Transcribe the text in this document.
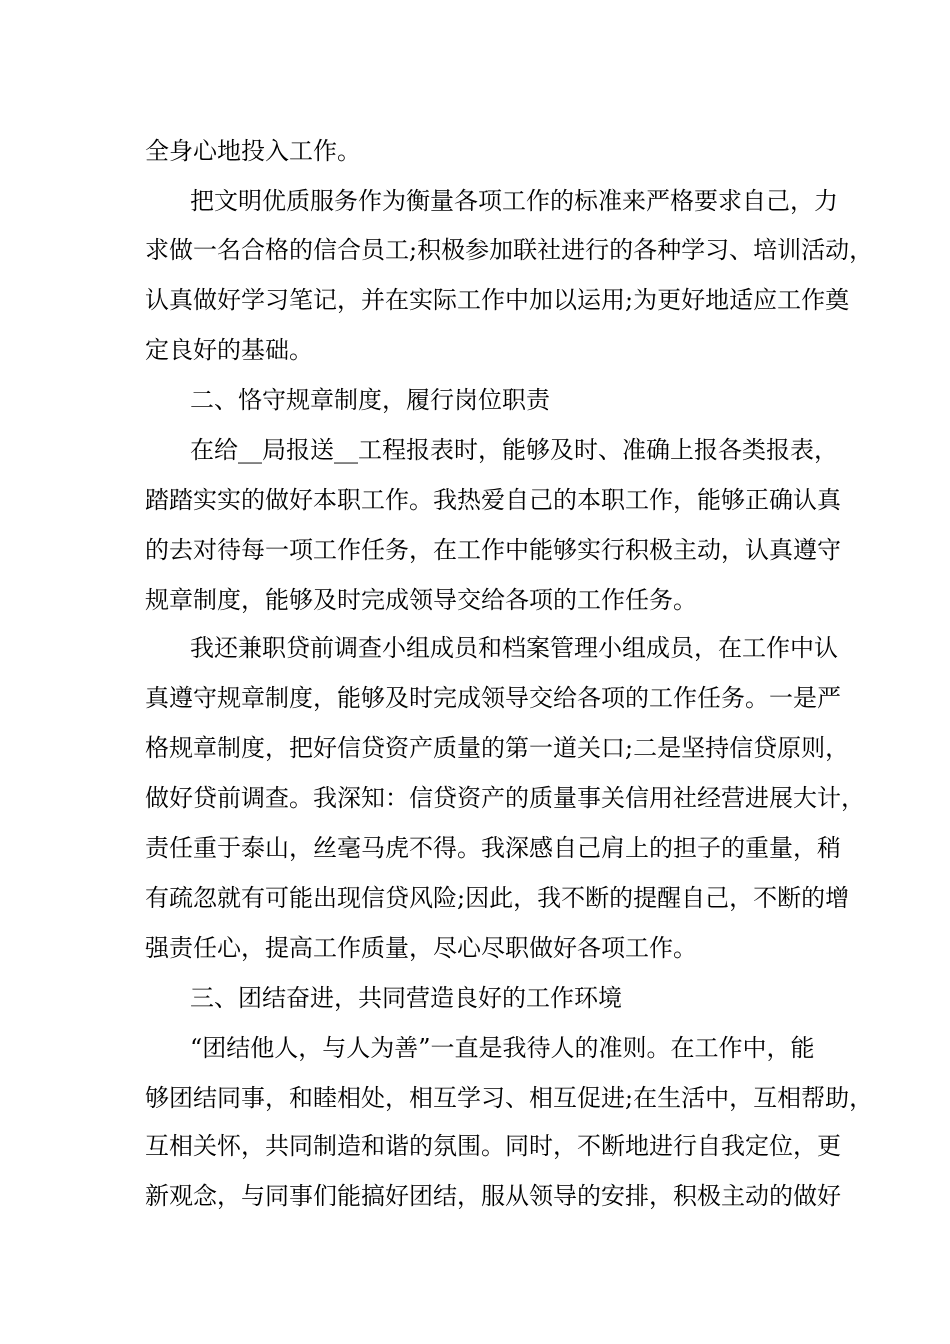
全身心地投入工作。
把文明优质服务作为衡量各项工作的标准来严格要求自己，力
求做一名合格的信合员工;积极参加联社进行的各种学习、培训活动，
认真做好学习笔记，并在实际工作中加以运用;为更好地适应工作奠
定良好的基础。
二、恪守规章制度，履行岗位职责
在给__局报送__工程报表时，能够及时、准确上报各类报表，
踏踏实实的做好本职工作。我热爱自己的本职工作，能够正确认真
的去对待每一项工作任务，在工作中能够实行积极主动，认真遵守
规章制度，能够及时完成领导交给各项的工作任务。
我还兼职贷前调查小组成员和档案管理小组成员，在工作中认
真遵守规章制度，能够及时完成领导交给各项的工作任务。一是严
格规章制度，把好信贷资产质量的第一道关口;二是坚持信贷原则，
做好贷前调查。我深知：信贷资产的质量事关信用社经营进展大计，
责任重于泰山，丝毫马虎不得。我深感自己肩上的担子的重量，稍
有疏忽就有可能出现信贷风险;因此，我不断的提醒自己，不断的增
强责任心，提高工作质量，尽心尽职做好各项工作。
三、团结奋进，共同营造良好的工作环境
“团结他人，与人为善”一直是我待人的准则。在工作中，能
够团结同事，和睦相处，相互学习、相互促进;在生活中，互相帮助，
互相关怀，共同制造和谐的氛围。同时，不断地进行自我定位，更
新观念，与同事们能搞好团结，服从领导的安排，积极主动的做好
